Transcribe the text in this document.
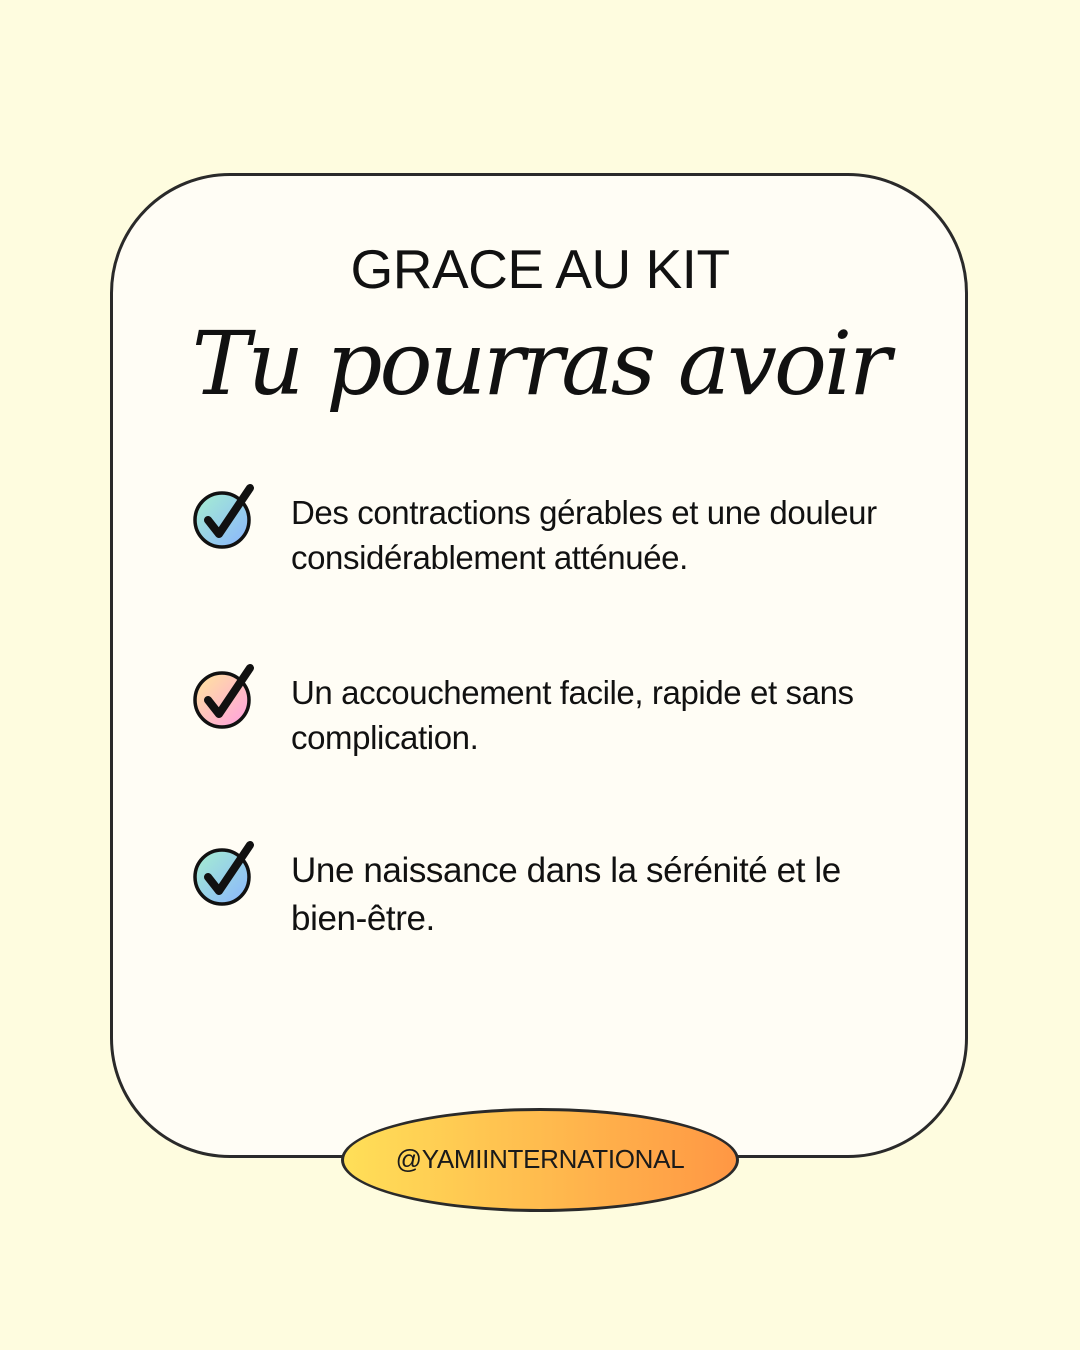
GRACE AU KIT
Tu pourras avoir
Des contractions gérables et une douleur considérablement atténuée.
Un accouchement facile, rapide et sans complication.
Une naissance dans la sérénité et le bien-être.
@YAMIINTERNATIONAL
